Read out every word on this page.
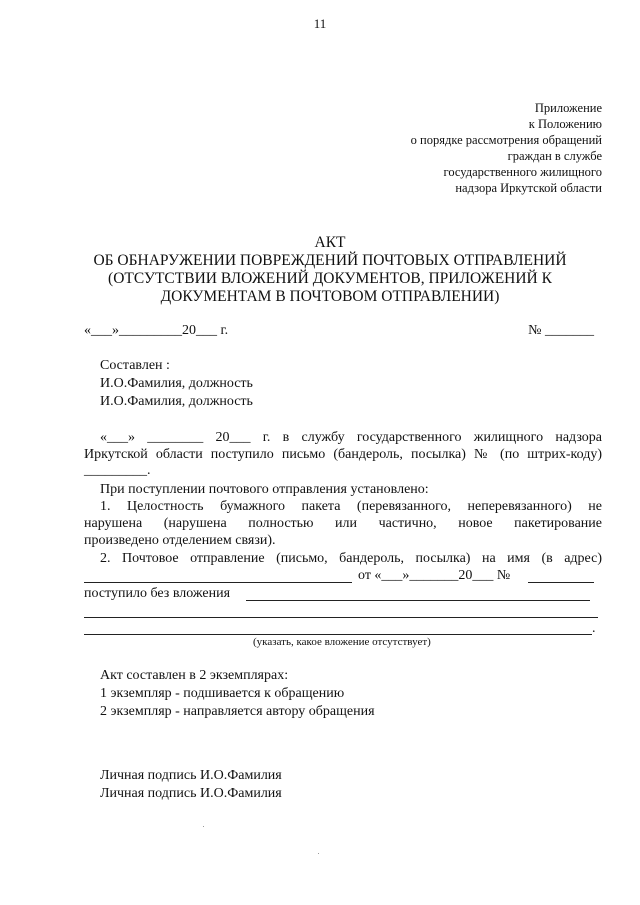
11
Приложение
к Положению
о порядке рассмотрения обращений
граждан в службе
государственного жилищного
надзора Иркутской области
АКТ
ОБ ОБНАРУЖЕНИИ ПОВРЕЖДЕНИЙ ПОЧТОВЫХ ОТПРАВЛЕНИЙ
(ОТСУТСТВИИ ВЛОЖЕНИЙ ДОКУМЕНТОВ, ПРИЛОЖЕНИЙ К
ДОКУМЕНТАМ В ПОЧТОВОМ ОТПРАВЛЕНИИ)
«___»_________20___ г.	№ _______
Составлен :
И.О.Фамилия, должность
И.О.Фамилия, должность
«___» ________ 20___ г. в службу государственного жилищного надзора
Иркутской области поступило письмо (бандероль, посылка) № (по штрих-коду)
_________.
При поступлении почтового отправления установлено:
1. Целостность бумажного пакета (перевязанного, неперевязанного) не
нарушена (нарушена полностью или частично, новое пакетирование
произведено отделением связи).
2. Почтовое отправление (письмо, бандероль, посылка) на имя (в адрес)
от «___»_______20___ №
поступило без вложения
.
(указать, какое вложение отсутствует)
Акт составлен в 2 экземплярах:
1 экземпляр - подшивается к обращению
2 экземпляр - направляется автору обращения
Личная подпись И.О.Фамилия
Личная подпись И.О.Фамилия
